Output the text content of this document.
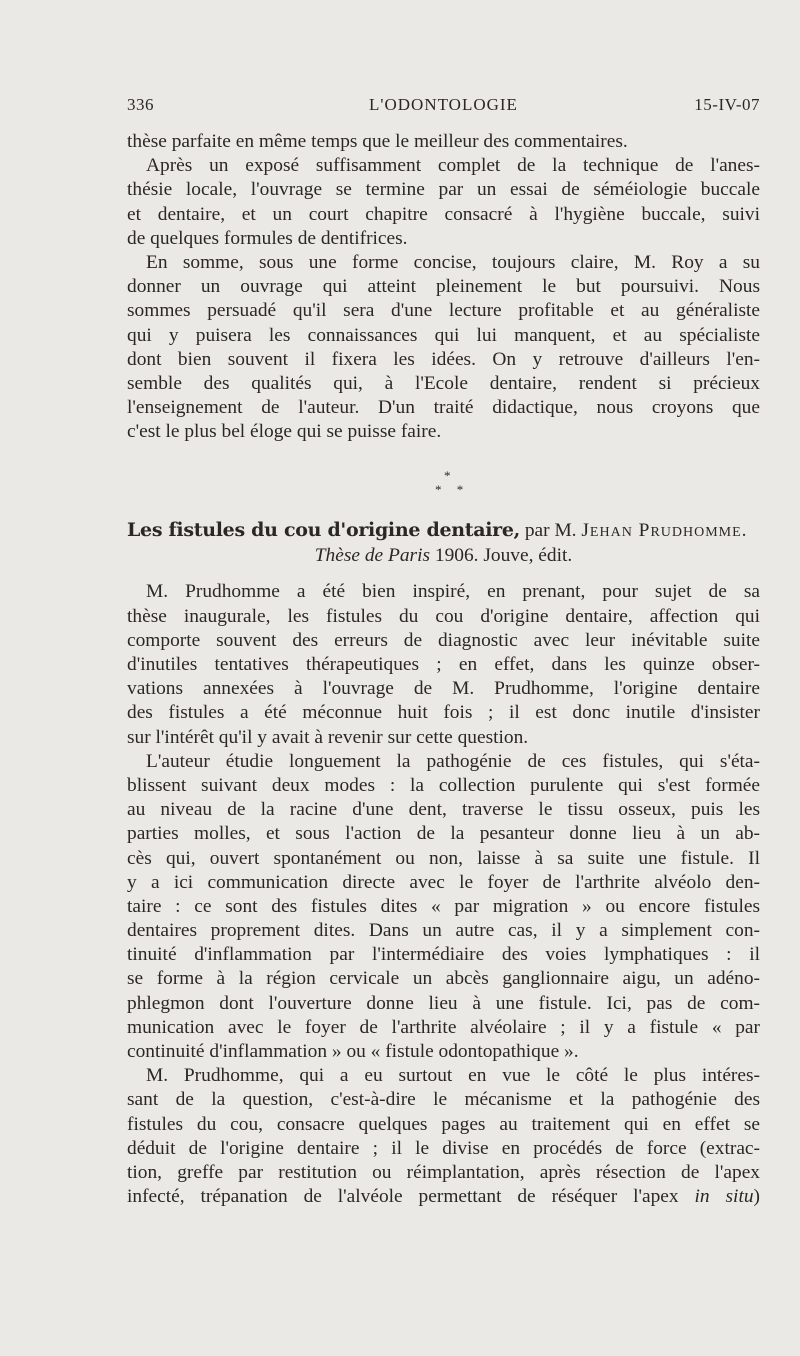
336	L'ODONTOLOGIE	15-IV-07
thèse parfaite en même temps que le meilleur des commentaires.
Après un exposé suffisamment complet de la technique de l'anes-
thésie locale, l'ouvrage se termine par un essai de séméiologie buccale
et dentaire, et un court chapitre consacré à l'hygiène buccale, suivi
de quelques formules de dentifrices.
En somme, sous une forme concise, toujours claire, M. Roy a su
donner un ouvrage qui atteint pleinement le but poursuivi. Nous
sommes persuadé qu'il sera d'une lecture profitable et au généraliste
qui y puisera les connaissances qui lui manquent, et au spécialiste
dont bien souvent il fixera les idées. On y retrouve d'ailleurs l'en-
semble des qualités qui, à l'Ecole dentaire, rendent si précieux
l'enseignement de l'auteur. D'un traité didactique, nous croyons que
c'est le plus bel éloge qui se puisse faire.
*
* *
Les fistules du cou d'origine dentaire, par M. Jehan Prudhomme.
Thèse de Paris 1906. Jouve, édit.
M. Prudhomme a été bien inspiré, en prenant, pour sujet de sa
thèse inaugurale, les fistules du cou d'origine dentaire, affection qui
comporte souvent des erreurs de diagnostic avec leur inévitable suite
d'inutiles tentatives thérapeutiques ; en effet, dans les quinze obser-
vations annexées à l'ouvrage de M. Prudhomme, l'origine dentaire
des fistules a été méconnue huit fois ; il est donc inutile d'insister
sur l'intérêt qu'il y avait à revenir sur cette question.
L'auteur étudie longuement la pathogénie de ces fistules, qui s'éta-
blissent suivant deux modes : la collection purulente qui s'est formée
au niveau de la racine d'une dent, traverse le tissu osseux, puis les
parties molles, et sous l'action de la pesanteur donne lieu à un ab-
cès qui, ouvert spontanément ou non, laisse à sa suite une fistule. Il
y a ici communication directe avec le foyer de l'arthrite alvéolo den-
taire : ce sont des fistules dites « par migration » ou encore fistules
dentaires proprement dites. Dans un autre cas, il y a simplement con-
tinuité d'inflammation par l'intermédiaire des voies lymphatiques : il
se forme à la région cervicale un abcès ganglionnaire aigu, un adéno-
phlegmon dont l'ouverture donne lieu à une fistule. Ici, pas de com-
munication avec le foyer de l'arthrite alvéolaire ; il y a fistule « par
continuité d'inflammation » ou « fistule odontopathique ».
M. Prudhomme, qui a eu surtout en vue le côté le plus intéres-
sant de la question, c'est-à-dire le mécanisme et la pathogénie des
fistules du cou, consacre quelques pages au traitement qui en effet se
déduit de l'origine dentaire ; il le divise en procédés de force (extrac-
tion, greffe par restitution ou réimplantation, après résection de l'apex
infecté, trépanation de l'alvéole permettant de réséquer l'apex in situ)
